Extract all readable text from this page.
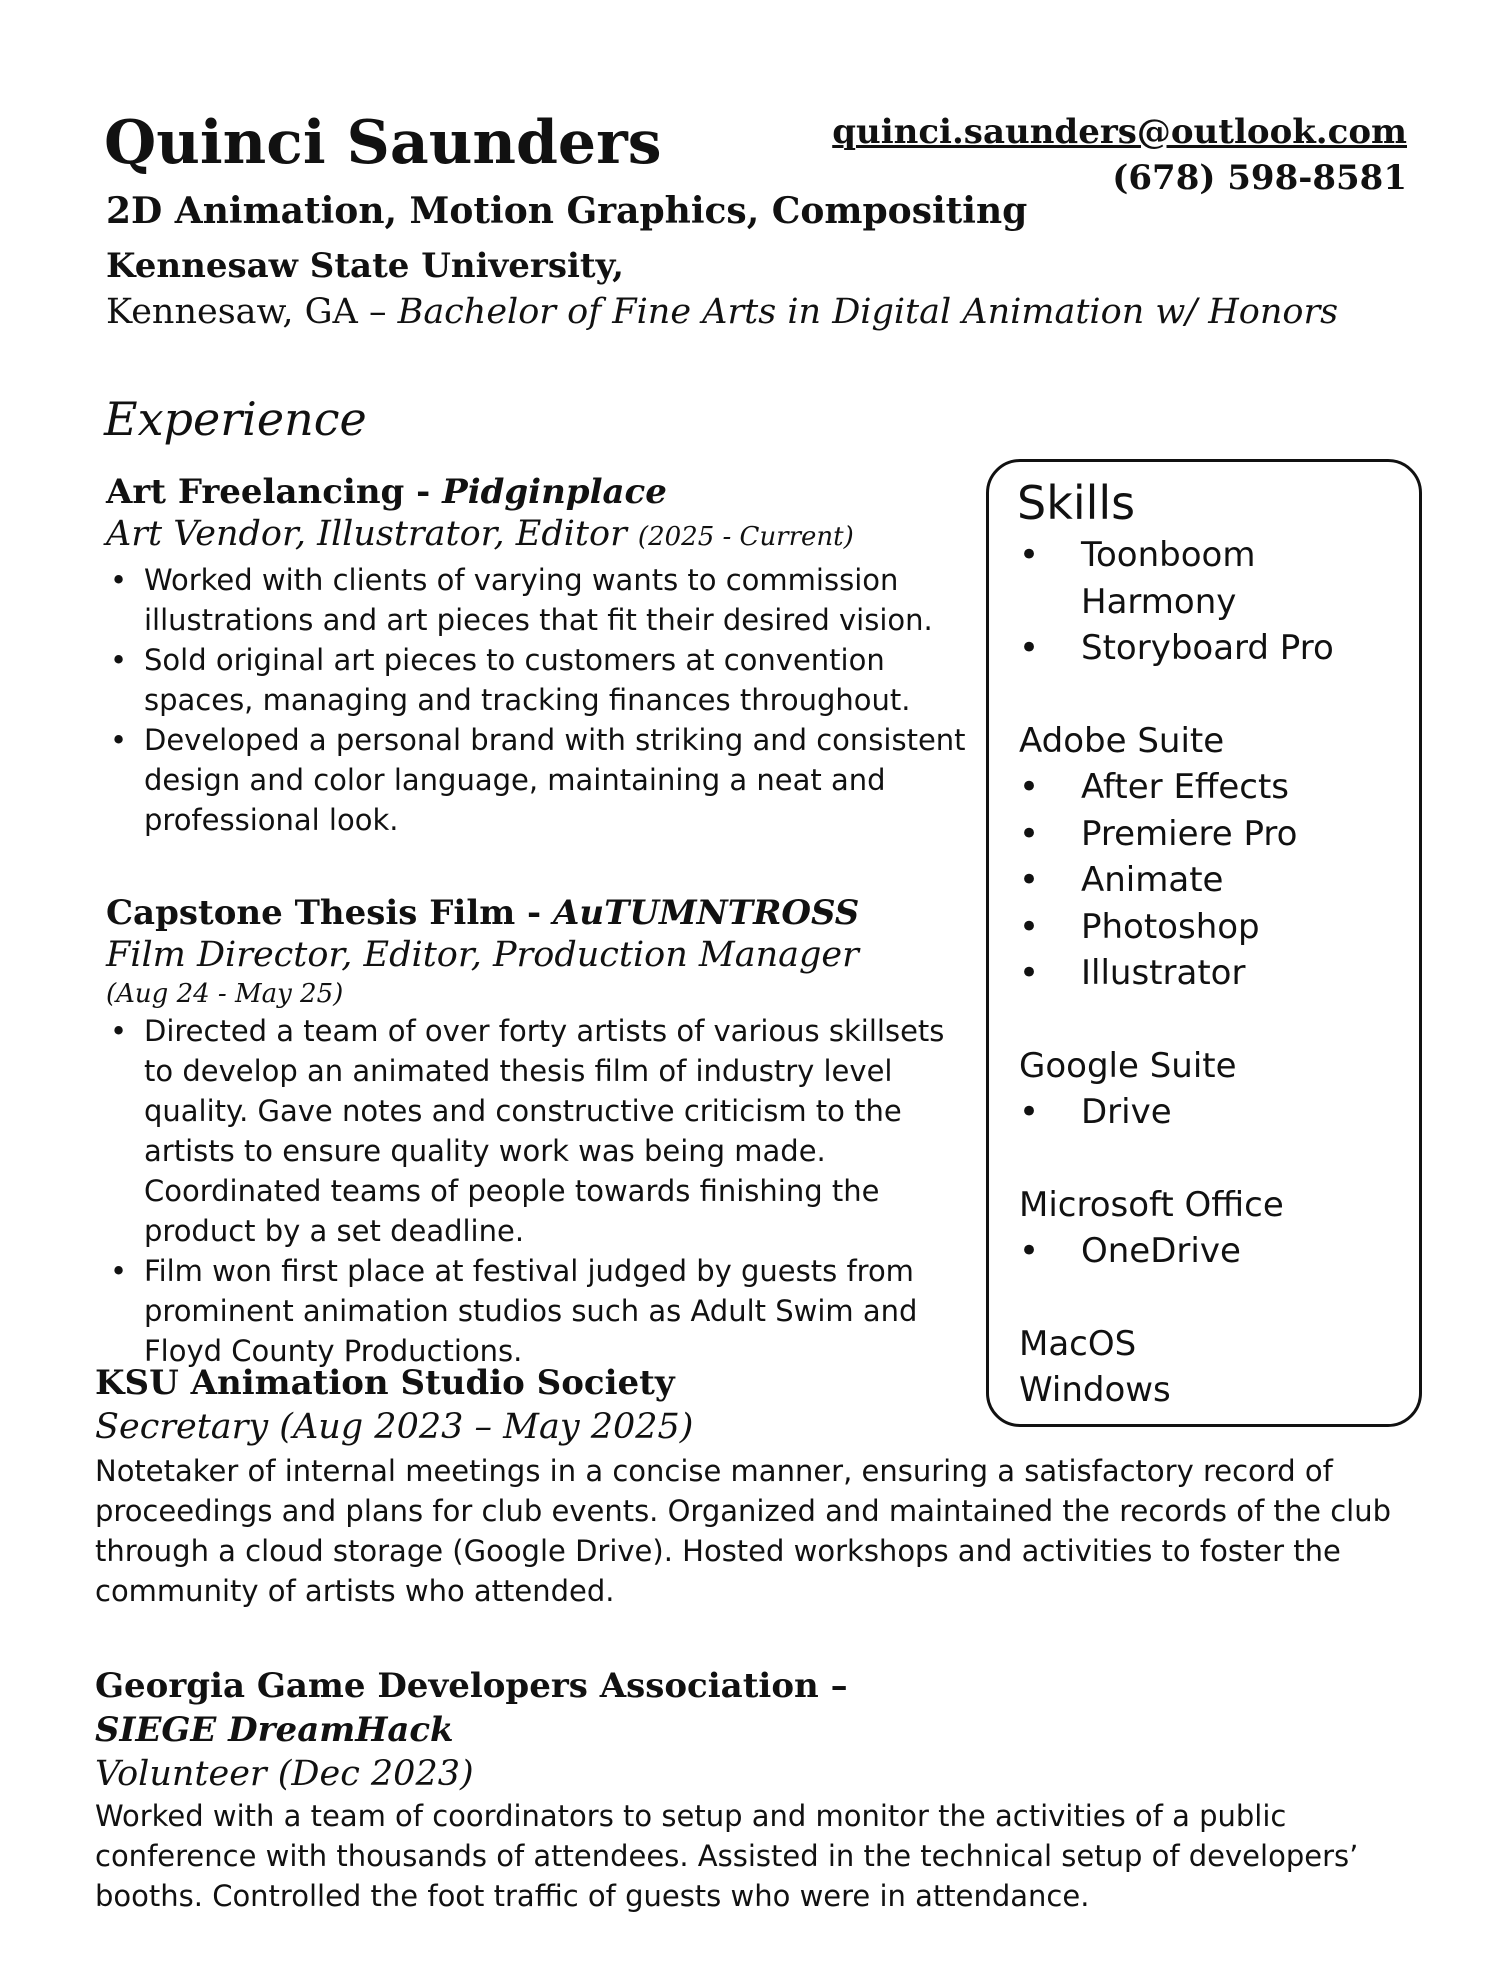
Quinci Saunders	quinci.saunders@outlook.com
(678) 598-8581
2D Animation, Motion Graphics, Compositing
Kennesaw State University,
Kennesaw, GA – Bachelor of Fine Arts in Digital Animation w/ Honors
Experience
Art Freelancing - Pidginplace
Art Vendor, Illustrator, Editor (2025 - Current)
• Worked with clients of varying wants to commission illustrations and art pieces that fit their desired vision.
• Sold original art pieces to customers at convention spaces, managing and tracking finances throughout.
• Developed a personal brand with striking and consistent design and color language, maintaining a neat and professional look.
Capstone Thesis Film - AuTUMNTROSS
Film Director, Editor, Production Manager
(Aug 24 - May 25)
• Directed a team of over forty artists of various skillsets to develop an animated thesis film of industry level quality. Gave notes and constructive criticism to the artists to ensure quality work was being made. Coordinated teams of people towards finishing the product by a set deadline.
• Film won first place at festival judged by guests from prominent animation studios such as Adult Swim and Floyd County Productions.
KSU Animation Studio Society
Secretary (Aug 2023 – May 2025)
Notetaker of internal meetings in a concise manner, ensuring a satisfactory record of proceedings and plans for club events. Organized and maintained the records of the club through a cloud storage (Google Drive). Hosted workshops and activities to foster the community of artists who attended.
Georgia Game Developers Association –
SIEGE DreamHack
Volunteer (Dec 2023)
Worked with a team of coordinators to setup and monitor the activities of a public conference with thousands of attendees. Assisted in the technical setup of developers’ booths. Controlled the foot traffic of guests who were in attendance.
Skills
• Toonboom Harmony
• Storyboard Pro
Adobe Suite
• After Effects
• Premiere Pro
• Animate
• Photoshop
• Illustrator
Google Suite
• Drive
Microsoft Office
• OneDrive
MacOS
Windows
